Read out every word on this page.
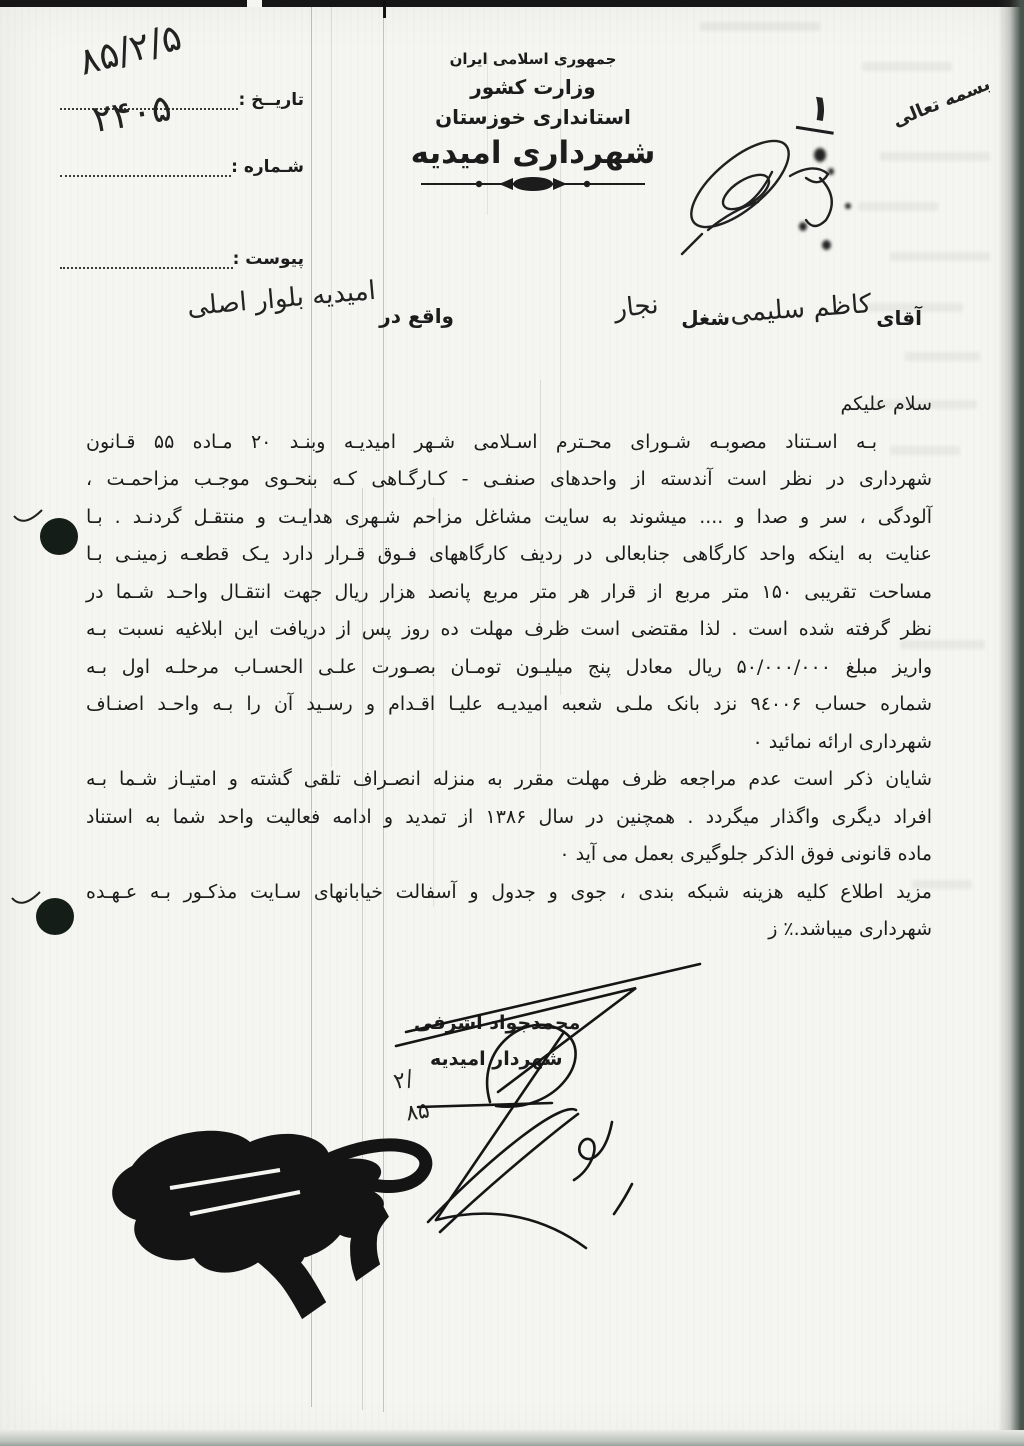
تاریــخ :
شـماره :
پیوست :
۸۵/۲/۵
۲۴۰۵
جمهوری اسلامی ایران
وزارت کشور
استانداری خوزستان
شهرداری امیدیه
بسمه تعالی
۱
آقای
کاظم سلیمی
شغل
نجار
واقع در
امیدیه بلوار اصلی
سلام علیکم
بـه اسـتناد مصوبـه شـورای محـترم اسـلامی شـهر امیدیـه وبنـد ۲۰ مـاده ۵۵ قـانون
شهرداری در نظر است آندسته از واحدهای صنفـی - کـارگـاهی کـه بنحـوی موجـب مزاحمـت ،
آلودگی ، سر و صدا و .... میشوند به سایت مشاغل مزاحم شـهری هدایـت و منتقـل گردنـد . بـا
عنایت به اینکه واحد کارگاهی جنابعالی در ردیف کارگاههای فـوق قـرار دارد یـک قطعـه زمینـی بـا
مساحت تقریبی ۱۵۰ متر مربع از قرار هر متر مربع پانصد هزار ریال جهت انتقـال واحـد شـما در
نظر گرفته شده است . لذا مقتضی است ظرف مهلت ده روز پس از دریافت این ابلاغیه نسبت بـه
واریز مبلغ ۵۰/۰۰۰/۰۰۰ ریال معادل پنج میلیـون تومـان بصـورت علـی الحسـاب مرحلـه اول بـه
شماره حساب ۹٤۰۰۶ نزد بانک ملـی شعبه امیدیـه علیـا اقـدام و رسـید آن را بـه واحـد اصنـاف
شهرداری ارائه نمائید ۰
شایان ذکر است عدم مراجعه ظرف مهلت مقرر به منزله انصـراف تلقی گشته و امتیـاز شـما بـه
افراد دیگری واگذار میگردد . همچنین در سال ۱۳۸۶ از تمدید و ادامه فعالیت واحد شما به استناد
ماده قانونی فوق الذکر جلوگیری بعمل می آید ۰
مزید اطلاع کلیه هزینه شبکه بندی ، جوی و جدول و آسفالت خیابانهای سـایت مذکـور بـه عـهـده
شهرداری میباشد.٪ ز
محمدجواد اشرفی
شهردار امیدیه
۲/
۸۵
۳۶
